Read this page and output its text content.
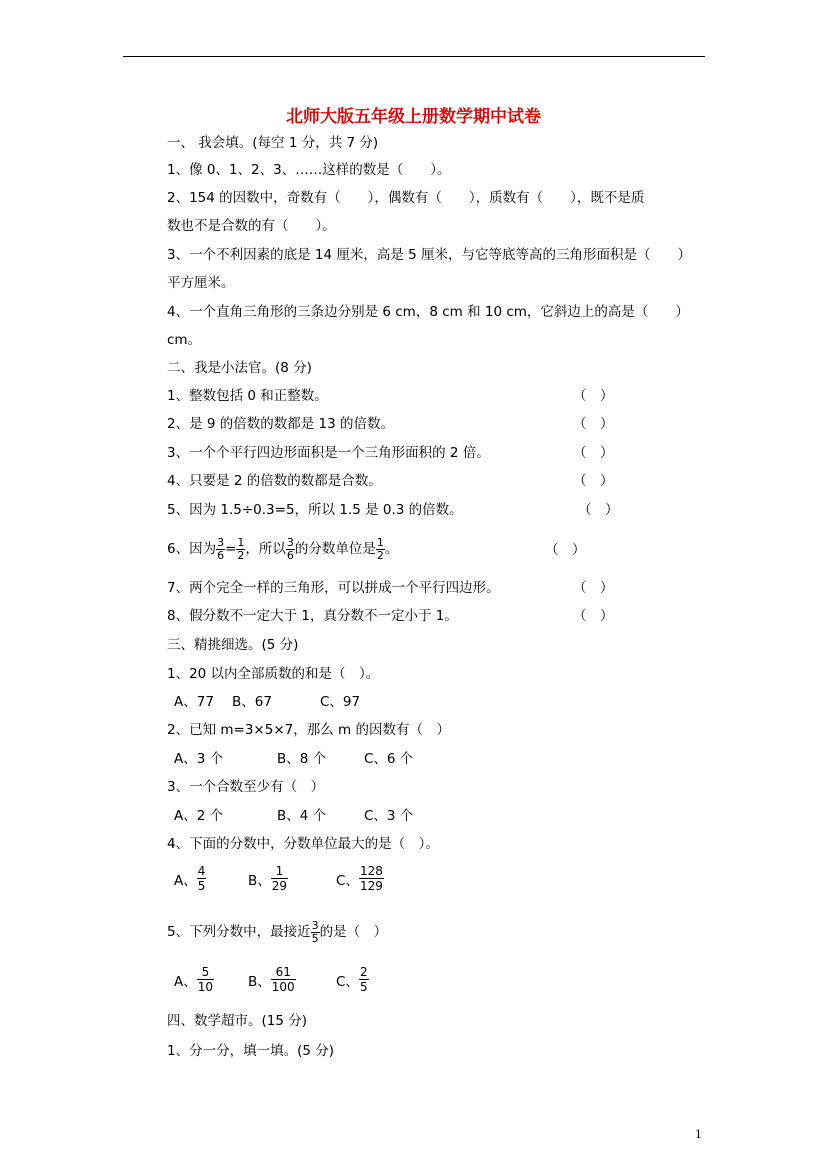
北师大版五年级上册数学期中试卷
一、 我会填。(每空 1 分，共 7 分)
1、像 0、1、2、3、……这样的数是（　　）。
2、154 的因数中，奇数有（　　），偶数有（　　），质数有（　　），既不是质
数也不是合数的有（　　）。
3、一个不利因素的底是 14 厘米，高是 5 厘米，与它等底等高的三角形面积是（　　）
平方厘米。
4、一个直角三角形的三条边分别是 6 cm，8 cm 和 10 cm，它斜边上的高是（　　）
cm。
二、我是小法官。(8 分)
1、整数包括 0 和正整数。	（　）
2、是 9 的倍数的数都是 13 的倍数。	（　）
3、一个个平行四边形面积是一个三角形面积的 2 倍。	（　）
4、只要是 2 的倍数的数都是合数。	（　）
5、因为 1.5÷0.3=5，所以 1.5 是 0.3 的倍数。	（　）
6、因为 $\frac{3}{6} = \frac{1}{2}$ ，所以 $\frac{3}{6}$ 的分数单位是 $\frac{1}{2}$ 。	（　）
7、两个完全一样的三角形，可以拼成一个平行四边形。	（　）
8、假分数不一定大于 1，真分数不一定小于 1。	（　）
三、精挑细选。(5 分)
1、20 以内全部质数的和是（　）。
A、77 B、67	C、97
2、已知 m=3×5×7，那么 m 的因数有（　）
A、3 个	B、8 个	C、6 个
3、一个合数至少有（　）
A、2 个	B、4 个	C、3 个
4、下面的分数中，分数单位最大的是（　）。
A、 $\frac{4}{5}$	B、 $\frac{1}{29}$	C、 $\frac{128}{129}$
5、下列分数中，最接近 $\frac{3}{5}$ 的是（　）
A、 $\frac{5}{10}$	B、 $\frac{61}{100}$	C、 $\frac{2}{5}$
四、数学超市。(15 分)
1、分一分，填一填。(5 分)
1
